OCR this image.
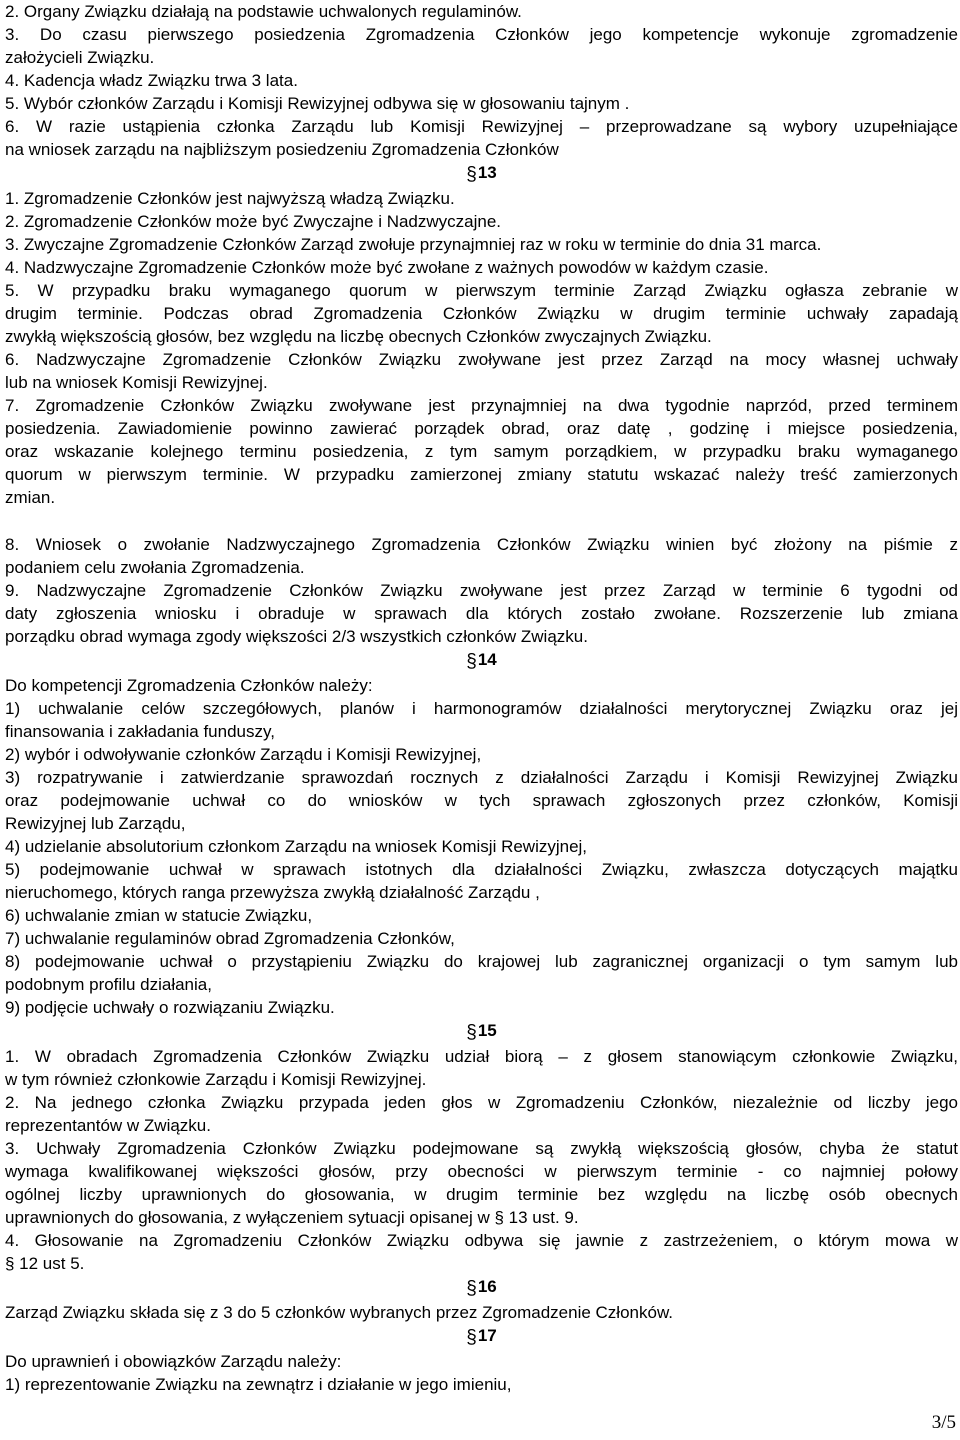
2. Organy Związku działają na podstawie uchwalonych regulaminów.
3. Do czasu pierwszego posiedzenia Zgromadzenia Członków jego kompetencje wykonuje zgromadzenie
założycieli Związku.
4. Kadencja władz Związku trwa 3 lata.
5. Wybór członków Zarządu i Komisji Rewizyjnej odbywa się w głosowaniu tajnym .
6. W razie ustąpienia członka Zarządu lub Komisji Rewizyjnej – przeprowadzane są wybory uzupełniające
na wniosek zarządu na najbliższym posiedzeniu Zgromadzenia Członków
§13
1. Zgromadzenie Członków jest najwyższą władzą Związku.
2. Zgromadzenie Członków może być Zwyczajne i Nadzwyczajne.
3. Zwyczajne Zgromadzenie Członków Zarząd zwołuje przynajmniej raz w roku w terminie do dnia 31 marca.
4. Nadzwyczajne Zgromadzenie Członków może być zwołane z ważnych powodów w każdym czasie.
5. W przypadku braku wymaganego quorum w pierwszym terminie Zarząd Związku ogłasza zebranie w
drugim terminie. Podczas obrad Zgromadzenia Członków Związku w drugim terminie uchwały zapadają
zwykłą większością głosów, bez względu na liczbę obecnych Członków zwyczajnych Związku.
6. Nadzwyczajne Zgromadzenie Członków Związku zwoływane jest przez Zarząd na mocy własnej uchwały
lub na wniosek Komisji Rewizyjnej.
7. Zgromadzenie Członków Związku zwoływane jest przynajmniej na dwa tygodnie naprzód, przed terminem
posiedzenia. Zawiadomienie powinno zawierać porządek obrad, oraz datę , godzinę i miejsce posiedzenia,
oraz wskazanie kolejnego terminu posiedzenia, z tym samym porządkiem, w przypadku braku wymaganego
quorum w pierwszym terminie. W przypadku zamierzonej zmiany statutu wskazać należy treść zamierzonych
zmian.
8. Wniosek o zwołanie Nadzwyczajnego Zgromadzenia Członków Związku winien być złożony na piśmie z
podaniem celu zwołania Zgromadzenia.
9. Nadzwyczajne Zgromadzenie Członków Związku zwoływane jest przez Zarząd w terminie 6 tygodni od
daty zgłoszenia wniosku i obraduje w sprawach dla których zostało zwołane. Rozszerzenie lub zmiana
porządku obrad wymaga zgody większości 2/3 wszystkich członków Związku.
§14
Do kompetencji Zgromadzenia Członków należy:
1) uchwalanie celów szczegółowych, planów i harmonogramów działalności merytorycznej Związku oraz jej
finansowania i zakładania funduszy,
2) wybór i odwoływanie członków Zarządu i Komisji Rewizyjnej,
3) rozpatrywanie i zatwierdzanie sprawozdań rocznych z działalności Zarządu i Komisji Rewizyjnej Związku
oraz podejmowanie uchwał co do wniosków w tych sprawach zgłoszonych przez członków, Komisji
Rewizyjnej lub Zarządu,
4) udzielanie absolutorium członkom Zarządu na wniosek Komisji Rewizyjnej,
5) podejmowanie uchwał w sprawach istotnych dla działalności Związku, zwłaszcza dotyczących majątku
nieruchomego, których ranga przewyższa zwykłą działalność Zarządu ,
6) uchwalanie zmian w statucie Związku,
7) uchwalanie regulaminów obrad Zgromadzenia Członków,
8) podejmowanie uchwał o przystąpieniu Związku do krajowej lub zagranicznej organizacji o tym samym lub
podobnym profilu działania,
9) podjęcie uchwały o rozwiązaniu Związku.
§15
1. W obradach Zgromadzenia Członków Związku udział biorą – z głosem stanowiącym członkowie Związku,
w tym również członkowie Zarządu i Komisji Rewizyjnej.
2. Na jednego członka Związku przypada jeden głos w Zgromadzeniu Członków, niezależnie od liczby jego
reprezentantów w Związku.
3. Uchwały Zgromadzenia Członków Związku podejmowane są zwykłą większością głosów, chyba że statut
wymaga kwalifikowanej większości głosów, przy obecności w pierwszym terminie - co najmniej połowy
ogólnej liczby uprawnionych do głosowania, w drugim terminie bez względu na liczbę osób obecnych
uprawnionych do głosowania, z wyłączeniem sytuacji opisanej w § 13 ust. 9.
4. Głosowanie na Zgromadzeniu Członków Związku odbywa się jawnie z zastrzeżeniem, o którym mowa w
§ 12 ust 5.
§16
Zarząd Związku składa się z 3 do 5 członków wybranych przez Zgromadzenie Członków.
§17
Do uprawnień i obowiązków Zarządu należy:
1) reprezentowanie Związku na zewnątrz i działanie w jego imieniu,
3/5
